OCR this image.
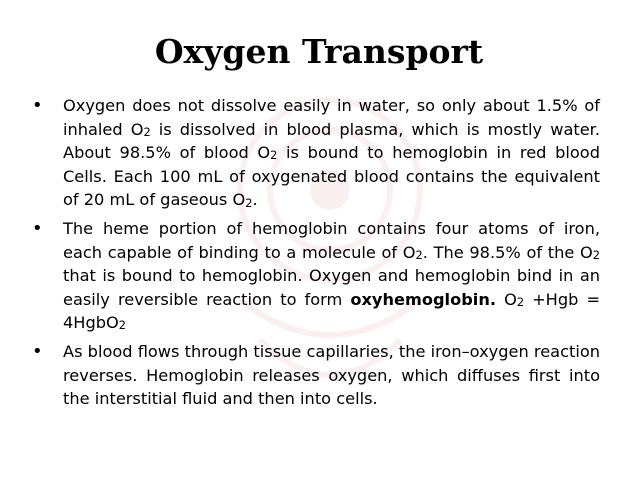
Oxygen Transport
• Oxygen does not dissolve easily in water, so only about 1.5% of inhaled $O_2$ is dissolved in blood plasma, which is mostly water. About 98.5% of blood $O_2$ is bound to hemoglobin in red blood Cells. Each 100 mL of oxygenated blood contains the equivalent of 20 mL of gaseous $O_2$.
• The heme portion of hemoglobin contains four atoms of iron, each capable of binding to a molecule of $O_2$. The 98.5% of the $O_2$ that is bound to hemoglobin. Oxygen and hemoglobin bind in an easily reversible reaction to form oxyhemoglobin. $O_2 +Hgb$ = 4HgbO$_2$
• As blood flows through tissue capillaries, the iron–oxygen reaction reverses. Hemoglobin releases oxygen, which diffuses first into the interstitial fluid and then into cells.
